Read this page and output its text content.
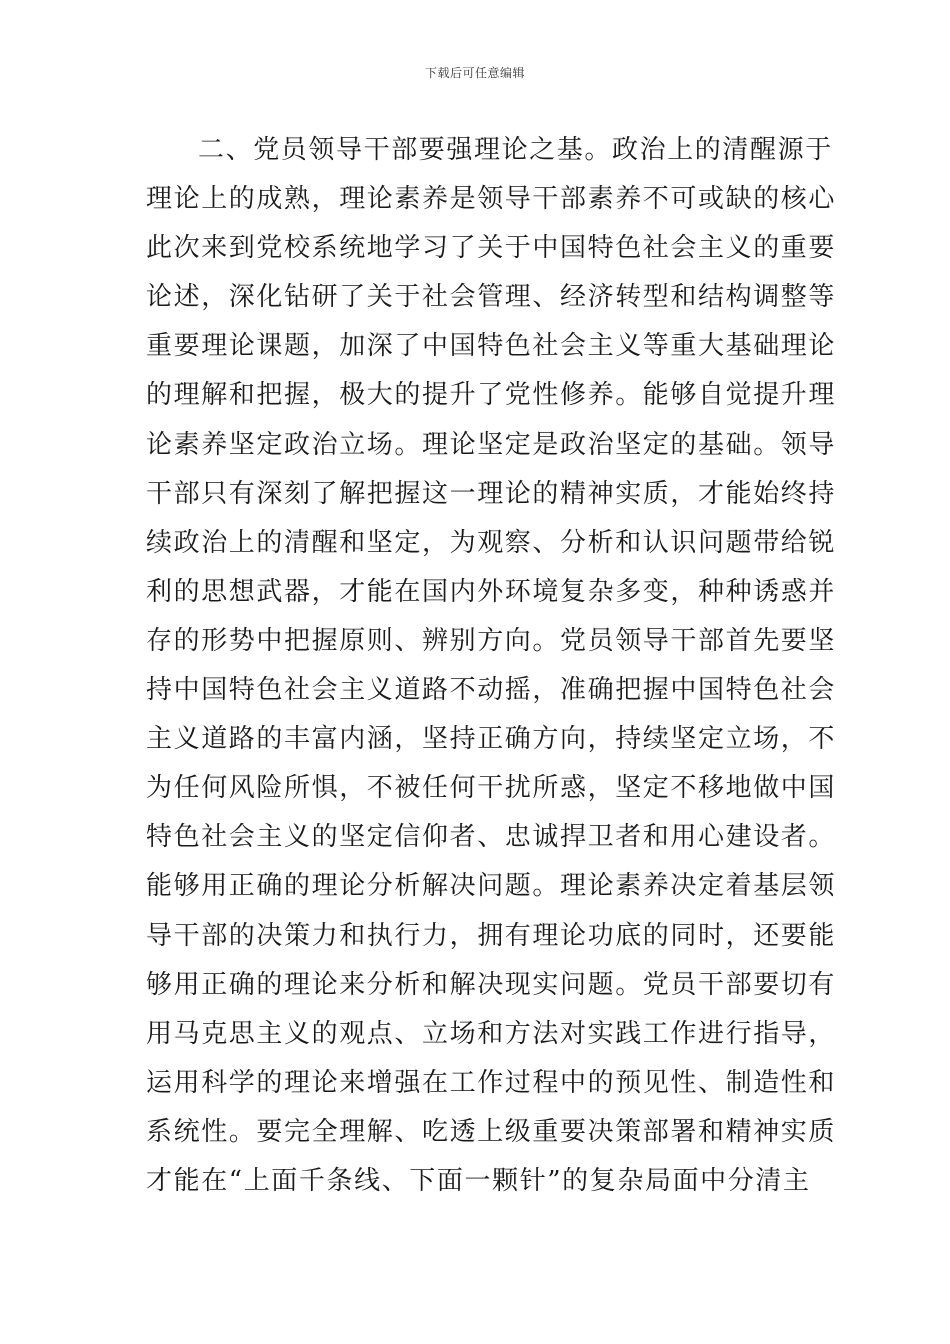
下载后可任意编辑
二、党员领导干部要强理论之基。政治上的清醒源于
理论上的成熟，理论素养是领导干部素养不可或缺的核心
此次来到党校系统地学习了关于中国特色社会主义的重要
论述，深化钻研了关于社会管理、经济转型和结构调整等
重要理论课题，加深了中国特色社会主义等重大基础理论
的理解和把握，极大的提升了党性修养。能够自觉提升理
论素养坚定政治立场。理论坚定是政治坚定的基础。领导
干部只有深刻了解把握这一理论的精神实质，才能始终持
续政治上的清醒和坚定，为观察、分析和认识问题带给锐
利的思想武器，才能在国内外环境复杂多变，种种诱惑并
存的形势中把握原则、辨别方向。党员领导干部首先要坚
持中国特色社会主义道路不动摇，准确把握中国特色社会
主义道路的丰富内涵，坚持正确方向，持续坚定立场，不
为任何风险所惧，不被任何干扰所惑，坚定不移地做中国
特色社会主义的坚定信仰者、忠诚捍卫者和用心建设者。
能够用正确的理论分析解决问题。理论素养决定着基层领
导干部的决策力和执行力，拥有理论功底的同时，还要能
够用正确的理论来分析和解决现实问题。党员干部要切有
用马克思主义的观点、立场和方法对实践工作进行指导，
运用科学的理论来增强在工作过程中的预见性、制造性和
系统性。要完全理解、吃透上级重要决策部署和精神实质
才能在“上面千条线、下面一颗针”的复杂局面中分清主
